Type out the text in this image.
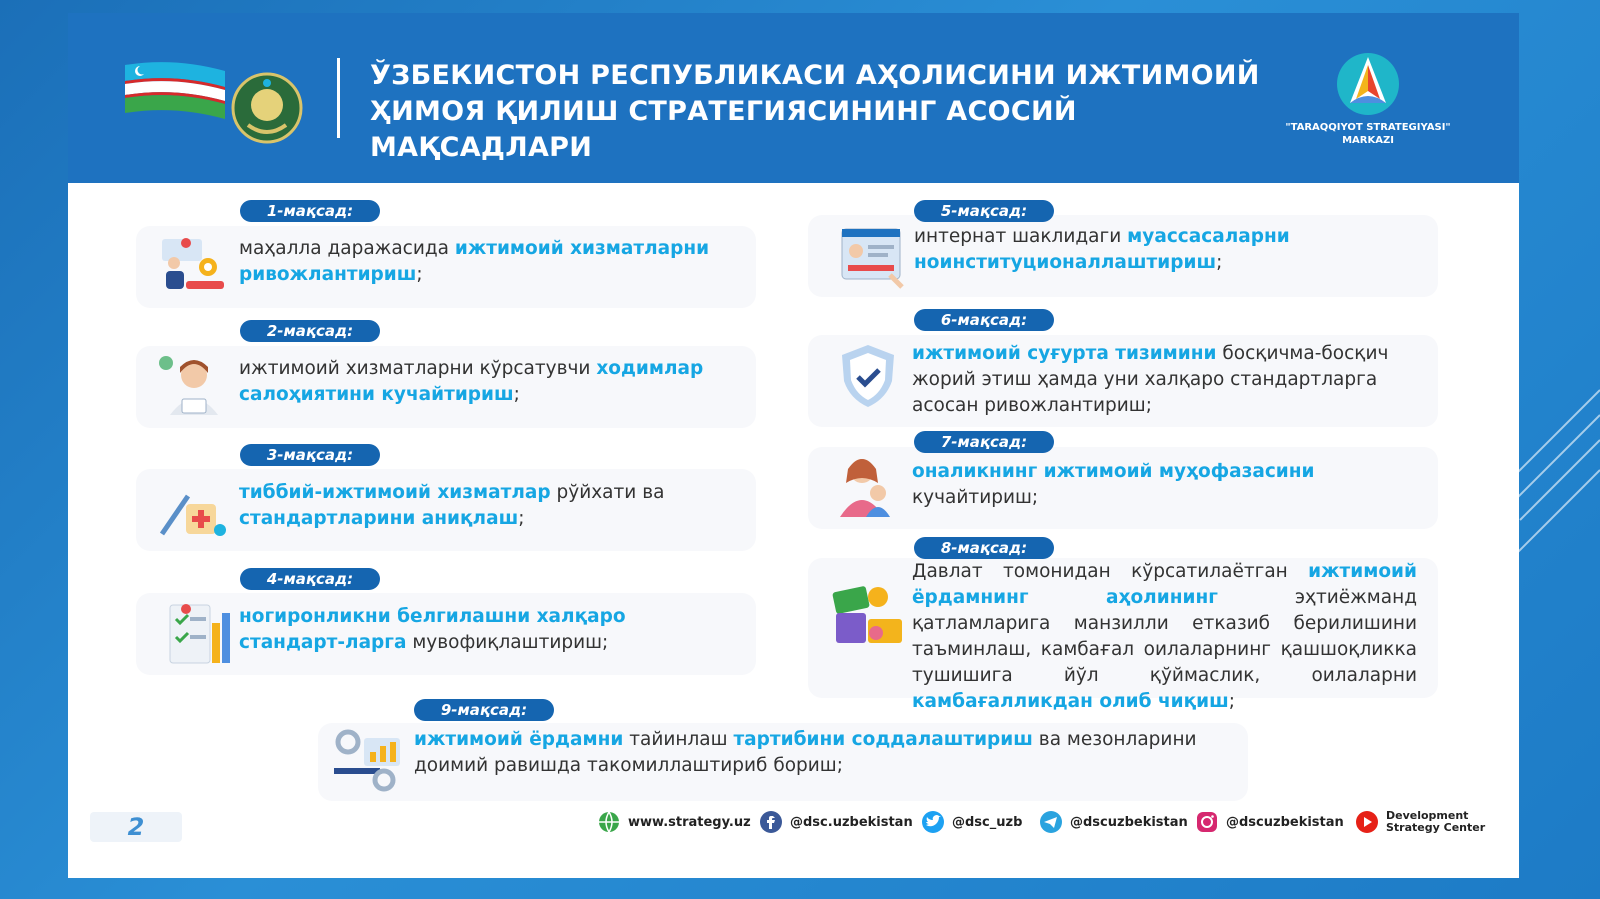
ЎЗБЕКИСТОН РЕСПУБЛИКАСИ АҲОЛИСИНИ ИЖТИМОИЙ
ҲИМОЯ ҚИЛИШ СТРАТЕГИЯСИНИНГ АСОСИЙ МАҚСАДЛАРИ
"TARAQQIYOT STRATEGIYASI"
MARKAZI
1-мақсад:
маҳалла даражасида ижтимоий хизматларни ривожлантириш;
2-мақсад:
ижтимоий хизматларни кўрсатувчи ходимлар салоҳиятини кучайтириш;
3-мақсад:
тиббий-ижтимоий хизматлар рўйхати ва стандартларини аниқлаш;
4-мақсад:
ногиронликни белгилашни халқаро стандарт-ларга мувофиқлаштириш;
5-мақсад:
интернат шаклидаги муассасаларни ноинституционаллаштириш;
6-мақсад:
ижтимоий суғурта тизимини босқичма-босқич жорий этиш ҳамда уни халқаро стандартларга асосан ривожлантириш;
7-мақсад:
оналикнинг ижтимоий муҳофазасини кучайтириш;
8-мақсад:
Давлат томонидан кўрсатилаётган ижтимоий ёрдамнинг аҳолининг эҳтиёжманд қатламларига манзилли етказиб берилишини таъминлаш, камбағал оилаларнинг қашшоқликка тушишига йўл қўймаслик, оилаларни камбағалликдан олиб чиқиш;
9-мақсад:
ижтимоий ёрдамни тайинлаш тартибини соддалаштириш ва мезонларини доимий равишда такомиллаштириб бориш;
2	www.strategy.uz	@dsc.uzbekistan	@dsc_uzb	@dscuzbekistan	@dscuzbekistan	Development
Strategy Center
